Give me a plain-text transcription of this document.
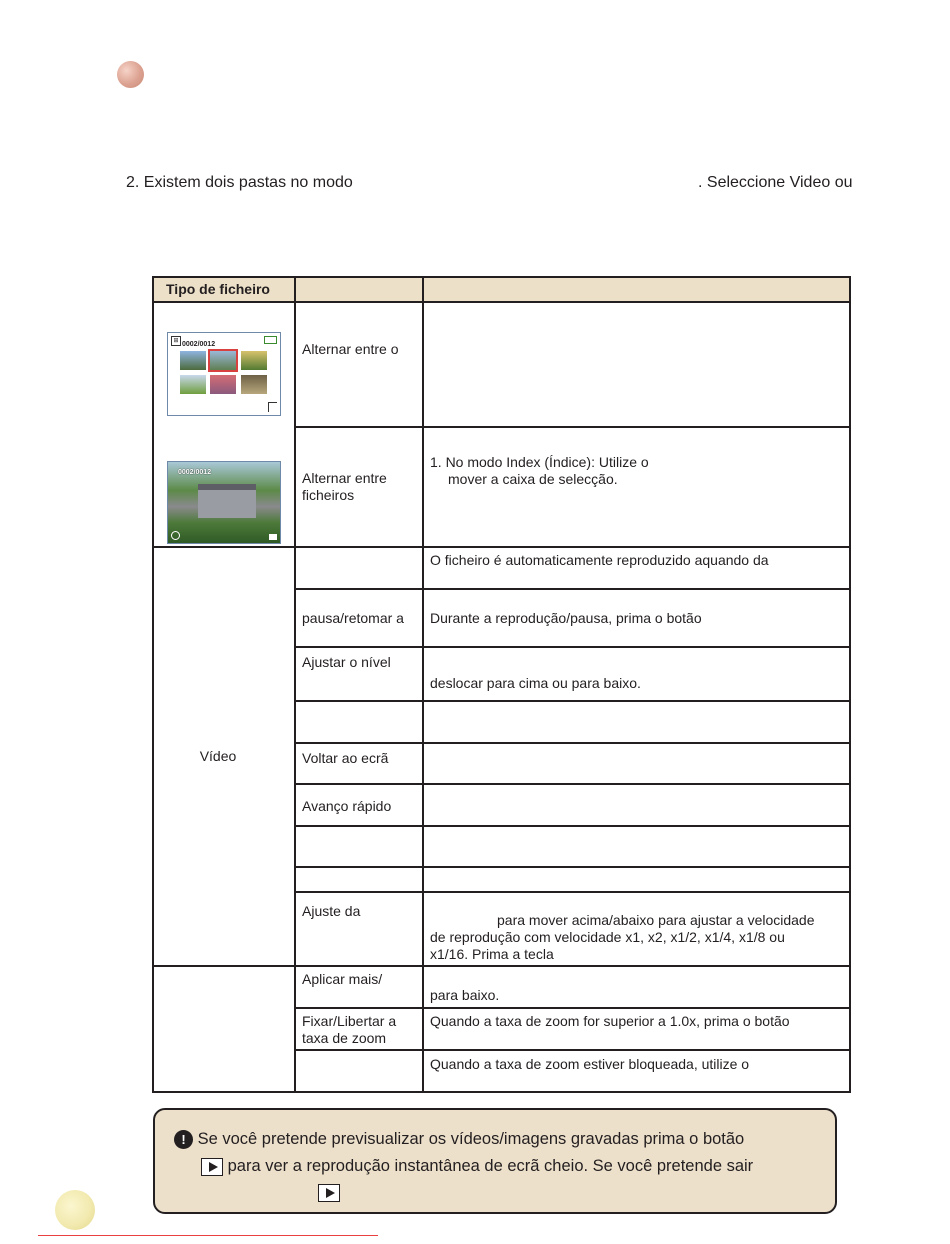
2. Existem dois pastas no modo	. Seleccione Video ou
Tipo de ficheiro		

⊞ 0002/0012
0002/0012	Alternar entre o	
	Alternar entre ficheiros	1. No modo Index (Índice): Utilize o
mover a caixa de selecção.

Vídeo		O ficheiro é automaticamente reproduzido aquando da
	pausa/retomar a	Durante a reprodução/pausa, prima o botão
	Ajustar o nível	deslocar para cima ou para baixo.

	Voltar ao ecrã	
	Avanço rápido	

	Ajuste da	para mover acima/abaixo para ajustar a velocidade
de reprodução com velocidade x1, x2, x1/2, x1/4, x1/8 ou
x1/16. Prima a tecla

	Aplicar mais/	para baixo.
	Fixar/Libertar a taxa de zoom	Quando a taxa de zoom for superior a 1.0x, prima o botão
		Quando a taxa de zoom estiver bloqueada, utilize o
! Se você pretende previsualizar os vídeos/imagens gravadas prima o botão
para ver a reprodução instantânea de ecrã cheio. Se você pretende sair
